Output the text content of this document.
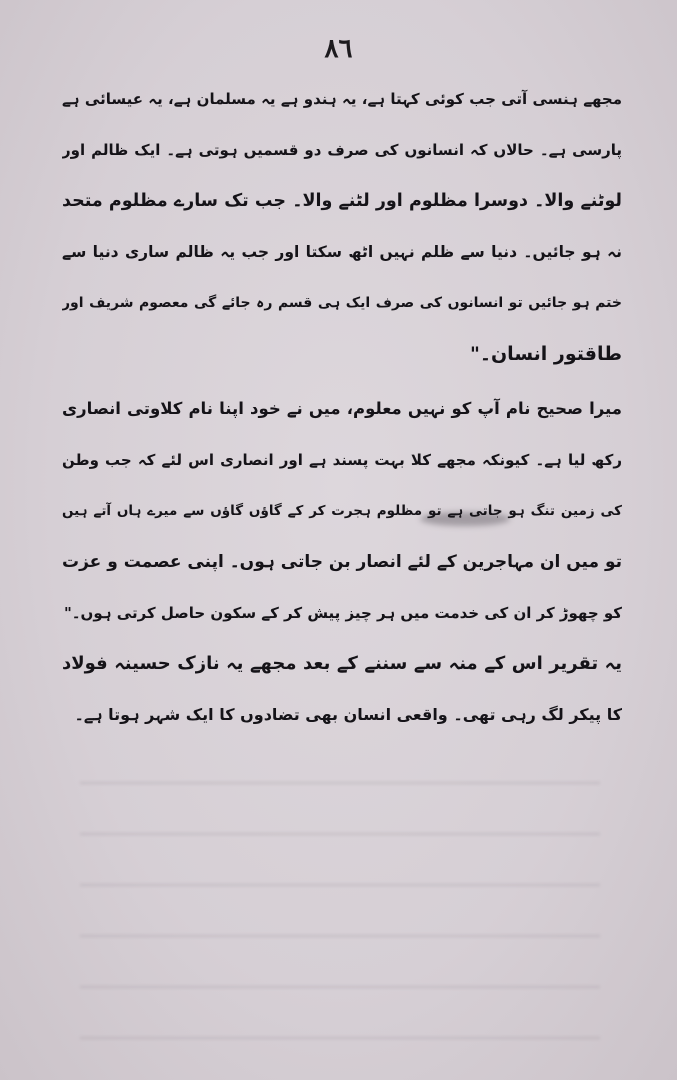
٨٦
مجھے ہنسی آتی جب کوئی کہتا ہے، یہ ہندو ہے یہ مسلمان ہے، یہ عیسائی ہے
پارسی ہے۔ حالاں کہ انسانوں کی صرف دو قسمیں ہوتی ہے۔ ایک ظالم اور
لوٹنے والا۔ دوسرا مظلوم اور لٹنے والا۔ جب تک سارے مظلوم متحد
نہ ہو جائیں۔ دنیا سے ظلم نہیں اٹھ سکتا اور جب یہ ظالم ساری دنیا سے
ختم ہو جائیں تو انسانوں کی صرف ایک ہی قسم رہ جائے گی معصوم شریف اور
طاقتور انسان۔"
میرا صحیح نام آپ کو نہیں معلوم، میں نے خود اپنا نام کلاوتی انصاری
رکھ لیا ہے۔ کیونکہ مجھے کلا بہت پسند ہے اور انصاری اس لئے کہ جب وطن
کی زمین تنگ ہو جاتی ہے تو مظلوم ہجرت کر کے گاؤں گاؤں سے میرے ہاں آتے ہیں
تو میں ان مہاجرین کے لئے انصار بن جاتی ہوں۔ اپنی عصمت و عزت
کو چھوڑ کر ان کی خدمت میں ہر چیز پیش کر کے سکون حاصل کرتی ہوں۔"
یہ تقریر اس کے منہ سے سننے کے بعد مجھے یہ نازک حسینہ فولاد
کا پیکر لگ رہی تھی۔ واقعی انسان بھی تضادوں کا ایک شہر ہوتا ہے۔
